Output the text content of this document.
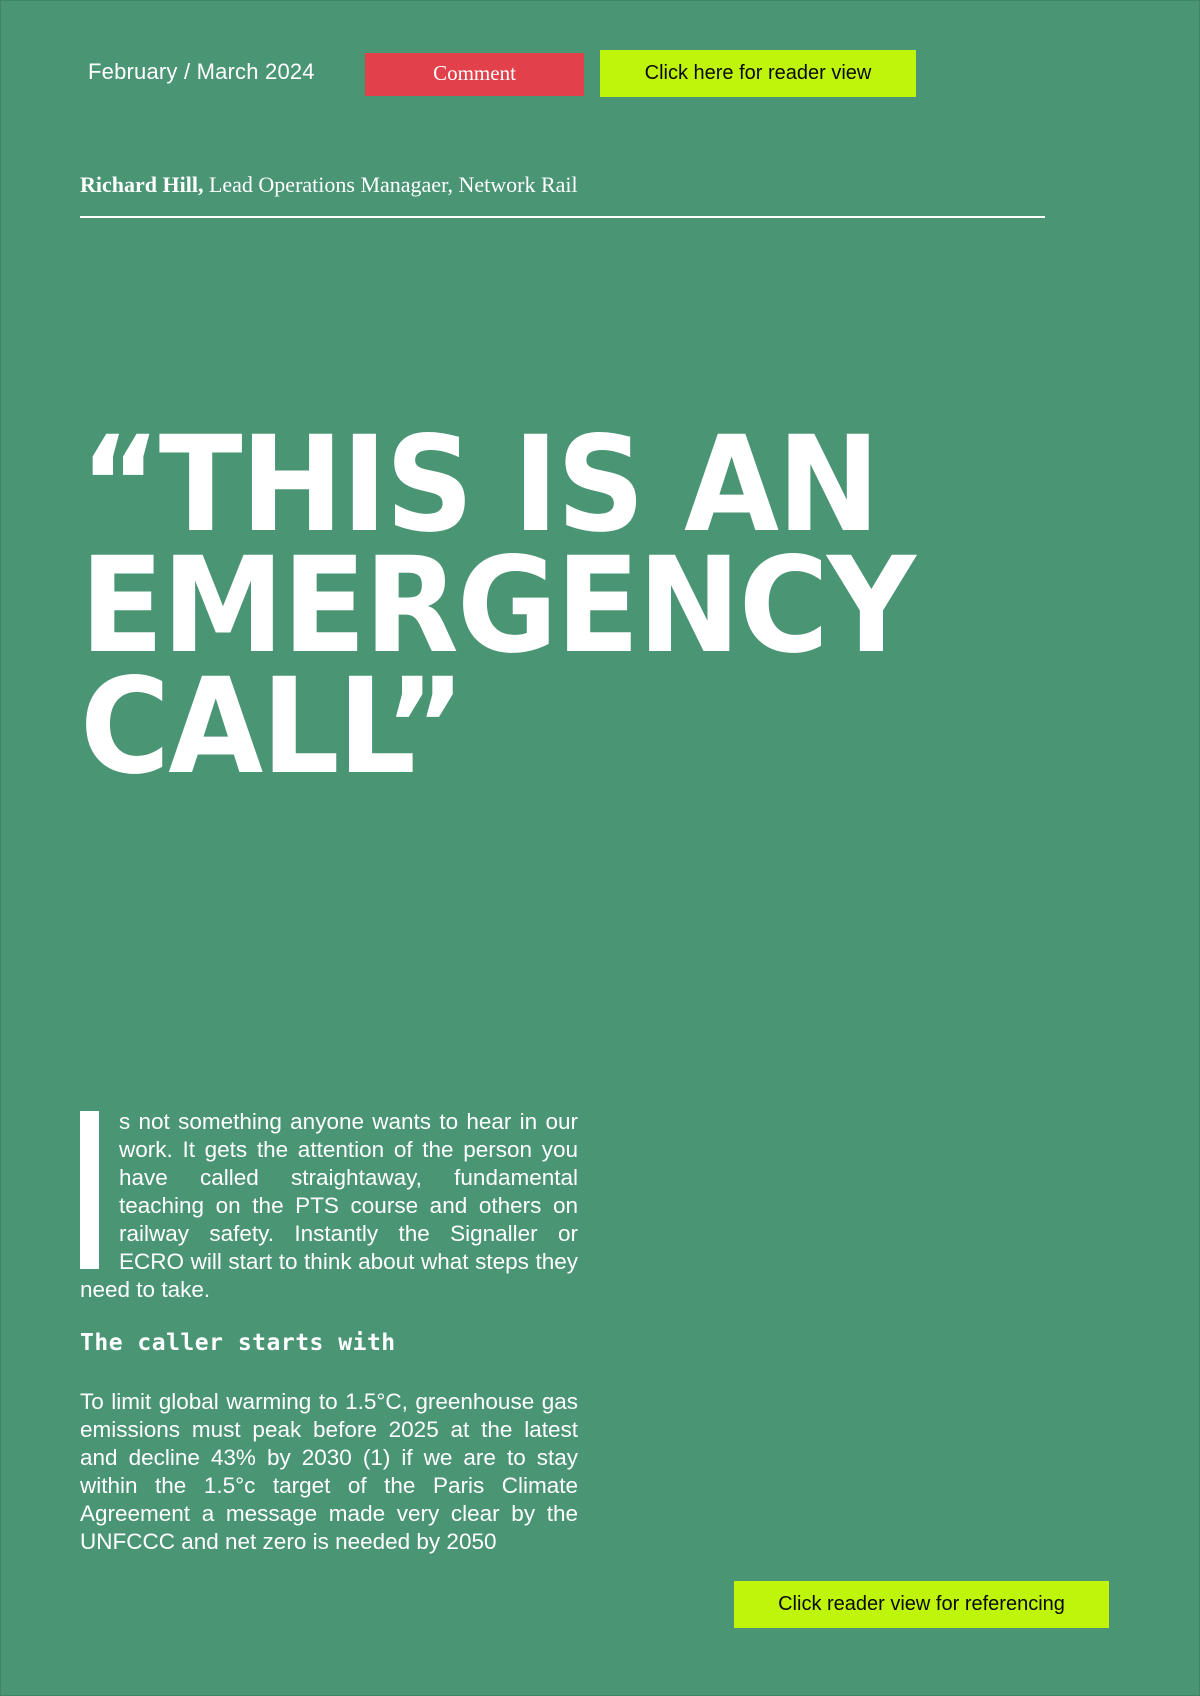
February / March 2024	Comment	Click here for reader view
Richard Hill, Lead Operations Managaer, Network Rail
“THIS IS AN
EMERGENCY
CALL”
s not something anyone wants to hear in our work. It gets the attention of the person you have called straightaway, fundamental teaching on the PTS course and others on railway safety. Instantly the Signaller or ECRO will start to think about what steps they need to take.
The caller starts with
To limit global warming to 1.5°C, greenhouse gas emissions must peak before 2025 at the latest and decline 43% by 2030 (1) if we are to stay within the 1.5°c target of the Paris Climate Agreement a message made very clear by the UNFCCC and net zero is needed by 2050
Click reader view for referencing
